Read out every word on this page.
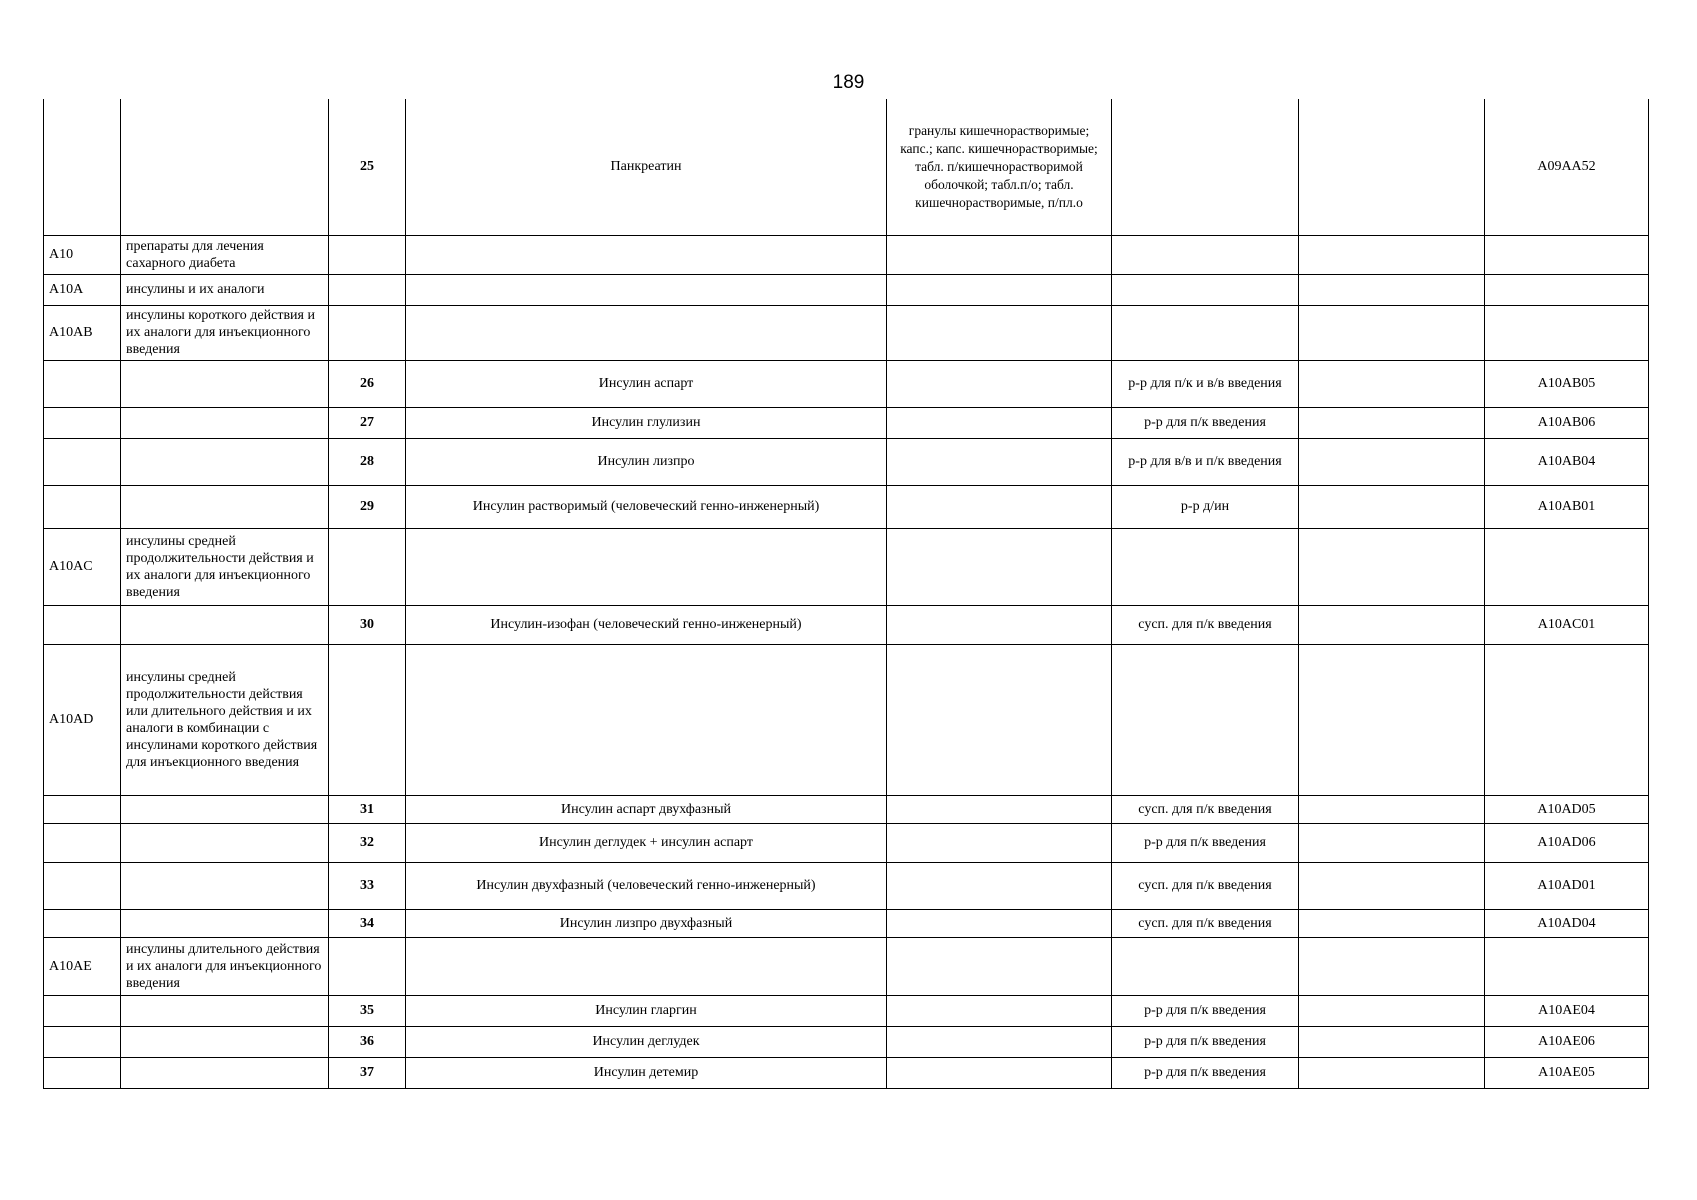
189
		25	Панкреатин	гранулы кишечнорастворимые; капс.; капс. кишечнорастворимые; табл. п/кишечнорастворимой оболочкой; табл.п/о; табл. кишечнорастворимые, п/пл.о			A09AA52
A10	препараты для лечения сахарного диабета						
A10A	инсулины и их аналоги						
A10AB	инсулины короткого действия и их аналоги для инъекционного введения						
		26	Инсулин аспарт		р-р для п/к и в/в введения		A10AB05
		27	Инсулин глулизин		р-р для п/к введения		A10AB06
		28	Инсулин лизпро		р-р для в/в и п/к введения		A10AB04
		29	Инсулин растворимый (человеческий генно-инженерный)		р-р д/ин		A10AB01
A10AC	инсулины средней продолжительности действия и их аналоги для инъекционного введения						
		30	Инсулин-изофан (человеческий генно-инженерный)		сусп. для п/к введения		A10AC01
A10AD	инсулины средней продолжительности действия или длительного действия и их аналоги в комбинации с инсулинами короткого действия для инъекционного введения						
		31	Инсулин аспарт двухфазный		сусп. для п/к введения		A10AD05
		32	Инсулин деглудек + инсулин аспарт		р-р для п/к введения		A10AD06
		33	Инсулин двухфазный (человеческий генно-инженерный)		сусп. для п/к введения		A10AD01
		34	Инсулин лизпро двухфазный		сусп. для п/к введения		A10AD04
A10AE	инсулины длительного действия и их аналоги для инъекционного введения						
		35	Инсулин гларгин		р-р для п/к введения		A10AE04
		36	Инсулин деглудек		р-р для п/к введения		A10AE06
		37	Инсулин детемир		р-р для п/к введения		A10AE05
